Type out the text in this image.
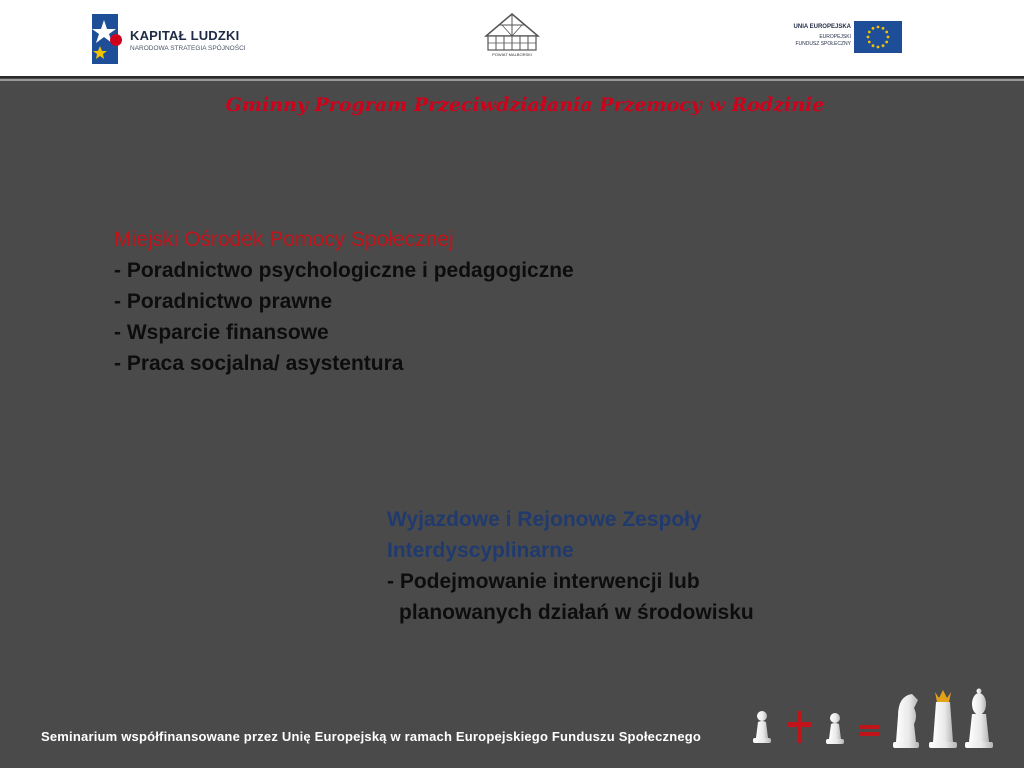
KAPITAŁ LUDZKI
NARODOWA STRATEGIA SPÓJNOŚCI
POWIAT MALBORSKI
UNIA EUROPEJSKA
EUROPEJSKI
FUNDUSZ SPOŁECZNY
Gminny Program Przeciwdziałania Przemocy w Rodzinie
Miejski Ośrodek Pomocy Społecznej
- Poradnictwo psychologiczne i pedagogiczne
- Poradnictwo prawne
- Wsparcie finansowe
- Praca socjalna/ asystentura
Wyjazdowe i Rejonowe Zespoły
Interdyscyplinarne
- Podejmowanie interwencji lub
planowanych działań w środowisku
Seminarium współfinansowane przez Unię Europejską w ramach Europejskiego Funduszu Społecznego
